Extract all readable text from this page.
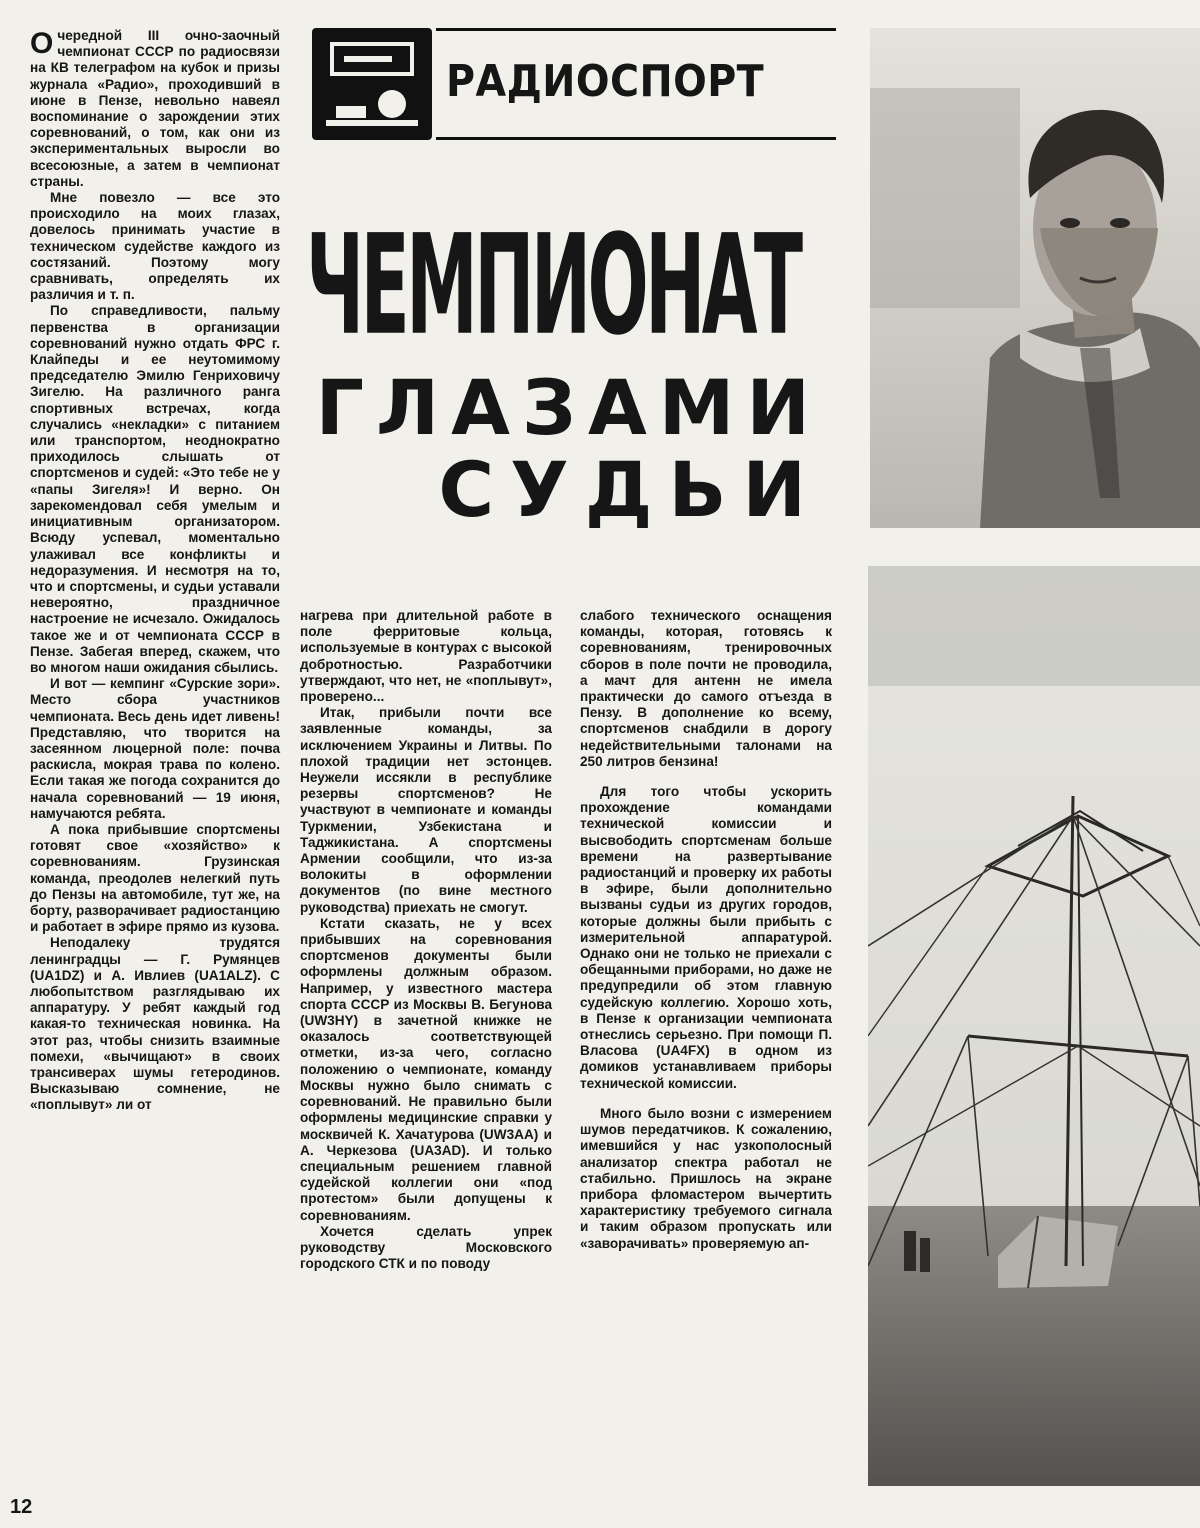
РАДИОСПОРТ
ЧЕМПИОНАТ
ГЛАЗАМИ
СУДЬИ

Очередной III очно-заочный чемпионат СССР по радиосвязи на КВ телеграфом на кубок и призы журнала «Радио», проходивший в июне в Пензе, невольно навеял воспоминание о зарождении этих соревнований, о том, как они из экспериментальных выросли во всесоюзные, а затем в чемпионат страны.

Мне повезло — все это происходило на моих глазах, довелось принимать участие в техническом судействе каждого из состязаний. Поэтому могу сравнивать, определять их различия и т. п.

По справедливости, пальму первенства в организации соревнований нужно отдать ФРС г. Клайпеды и ее неутомимому председателю Эмилю Генриховичу Зигелю. На различного ранга спортивных встречах, когда случались «некладки» с питанием или транспортом, неоднократно приходилось слышать от спортсменов и судей: «Это тебе не у «папы Зигеля»! И верно. Он зарекомендовал себя умелым и инициативным организатором. Всюду успевал, моментально улаживал все конфликты и недоразумения. И несмотря на то, что и спортсмены, и судьи уставали невероятно, праздничное настроение не исчезало. Ожидалось такое же и от чемпионата СССР в Пензе. Забегая вперед, скажем, что во многом наши ожидания сбылись.

И вот — кемпинг «Сурские зори». Место сбора участников чемпионата. Весь день идет ливень! Представляю, что творится на засеянном люцерной поле: почва раскисла, мокрая трава по колено. Если такая же погода сохранится до начала соревнований — 19 июня, намучаются ребята.

А пока прибывшие спортсмены готовят свое «хозяйство» к соревнованиям. Грузинская команда, преодолев нелегкий путь до Пензы на автомобиле, тут же, на борту, разворачивает радиостанцию и работает в эфире прямо из кузова.

Неподалеку трудятся ленинградцы — Г. Румянцев (UA1DZ) и А. Ивлиев (UA1ALZ). С любопытством разглядываю их аппаратуру. У ребят каждый год какая-то техническая новинка. На этот раз, чтобы снизить взаимные помехи, «вычищают» в своих трансиверах шумы гетеродинов. Высказываю сомнение, не «поплывут» ли от

нагрева при длительной работе в поле ферритовые кольца, используемые в контурах с высокой добротностью. Разработчики утверждают, что нет, не «поплывут», проверено...

Итак, прибыли почти все заявленные команды, за исключением Украины и Литвы. По плохой традиции нет эстонцев. Неужели иссякли в республике резервы спортсменов? Не участвуют в чемпионате и команды Туркмении, Узбекистана и Таджикистана. А спортсмены Армении сообщили, что из-за волокиты в оформлении документов (по вине местного руководства) приехать не смогут.

Кстати сказать, не у всех прибывших на соревнования спортсменов документы были оформлены должным образом. Например, у известного мастера спорта СССР из Москвы В. Бегунова (UW3HY) в зачетной книжке не оказалось соответствующей отметки, из-за чего, согласно положению о чемпионате, команду Москвы нужно было снимать с соревнований. Не правильно были оформлены медицинские справки у москвичей К. Хачатурова (UW3AA) и А. Черкезова (UA3AD). И только специальным решением главной судейской коллегии они «под протестом» были допущены к соревнованиям.

Хочется сделать упрек руководству Московского городского СТК и по поводу

слабого технического оснащения команды, которая, готовясь к соревнованиям, тренировочных сборов в поле почти не проводила, а мачт для антенн не имела практически до самого отъезда в Пензу. В дополнение ко всему, спортсменов снабдили в дорогу недействительными талонами на 250 литров бензина!

Для того чтобы ускорить прохождение командами технической комиссии и высвободить спортсменам больше времени на развертывание радиостанций и проверку их работы в эфире, были дополнительно вызваны судьи из других городов, которые должны были прибыть с измерительной аппаратурой. Однако они не только не приехали с обещанными приборами, но даже не предупредили об этом главную судейскую коллегию. Хорошо хоть, в Пензе к организации чемпионата отнеслись серьезно. При помощи П. Власова (UA4FX) в одном из домиков устанавливаем приборы технической комиссии.

Много было возни с измерением шумов передатчиков. К сожалению, имевшийся у нас узкополосный анализатор спектра работал не стабильно. Пришлось на экране прибора фломастером вычертить характеристику требуемого сигнала и таким образом пропускать или «заворачивать» проверяемую ап-

12
